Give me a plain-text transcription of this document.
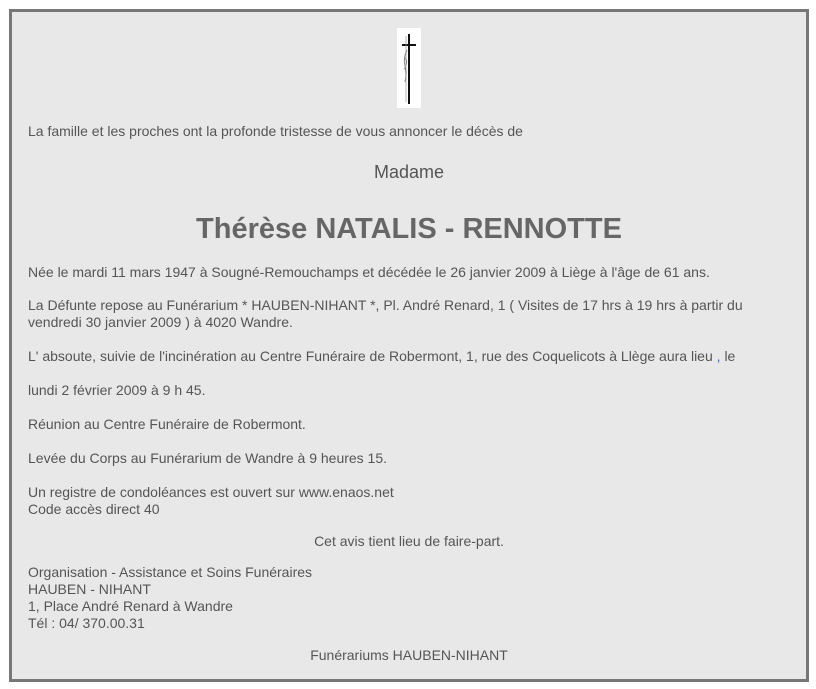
La famille et les proches ont la profonde tristesse de vous annoncer le décès de
Madame
Thérèse NATALIS - RENNOTTE
Née le mardi 11 mars 1947 à Sougné-Remouchamps et décédée le 26 janvier 2009 à Liège à l'âge de 61 ans.
La Défunte repose au Funérarium * HAUBEN-NIHANT *, Pl. André Renard, 1 ( Visites de 17 hrs à 19 hrs à partir du
vendredi 30 janvier 2009 ) à 4020 Wandre.
L' absoute, suivie de l'incinération au Centre Funéraire de Robermont, 1, rue des Coquelicots à Llège aura lieu , le
lundi 2 février 2009 à 9 h 45.
Réunion au Centre Funéraire de Robermont.
Levée du Corps au Funérarium de Wandre à 9 heures 15.
Un registre de condoléances est ouvert sur www.enaos.net
Code accès direct 40
Cet avis tient lieu de faire-part.
Organisation - Assistance et Soins Funéraires
HAUBEN - NIHANT
1, Place André Renard à Wandre
Tél : 04/ 370.00.31
Funérariums HAUBEN-NIHANT
